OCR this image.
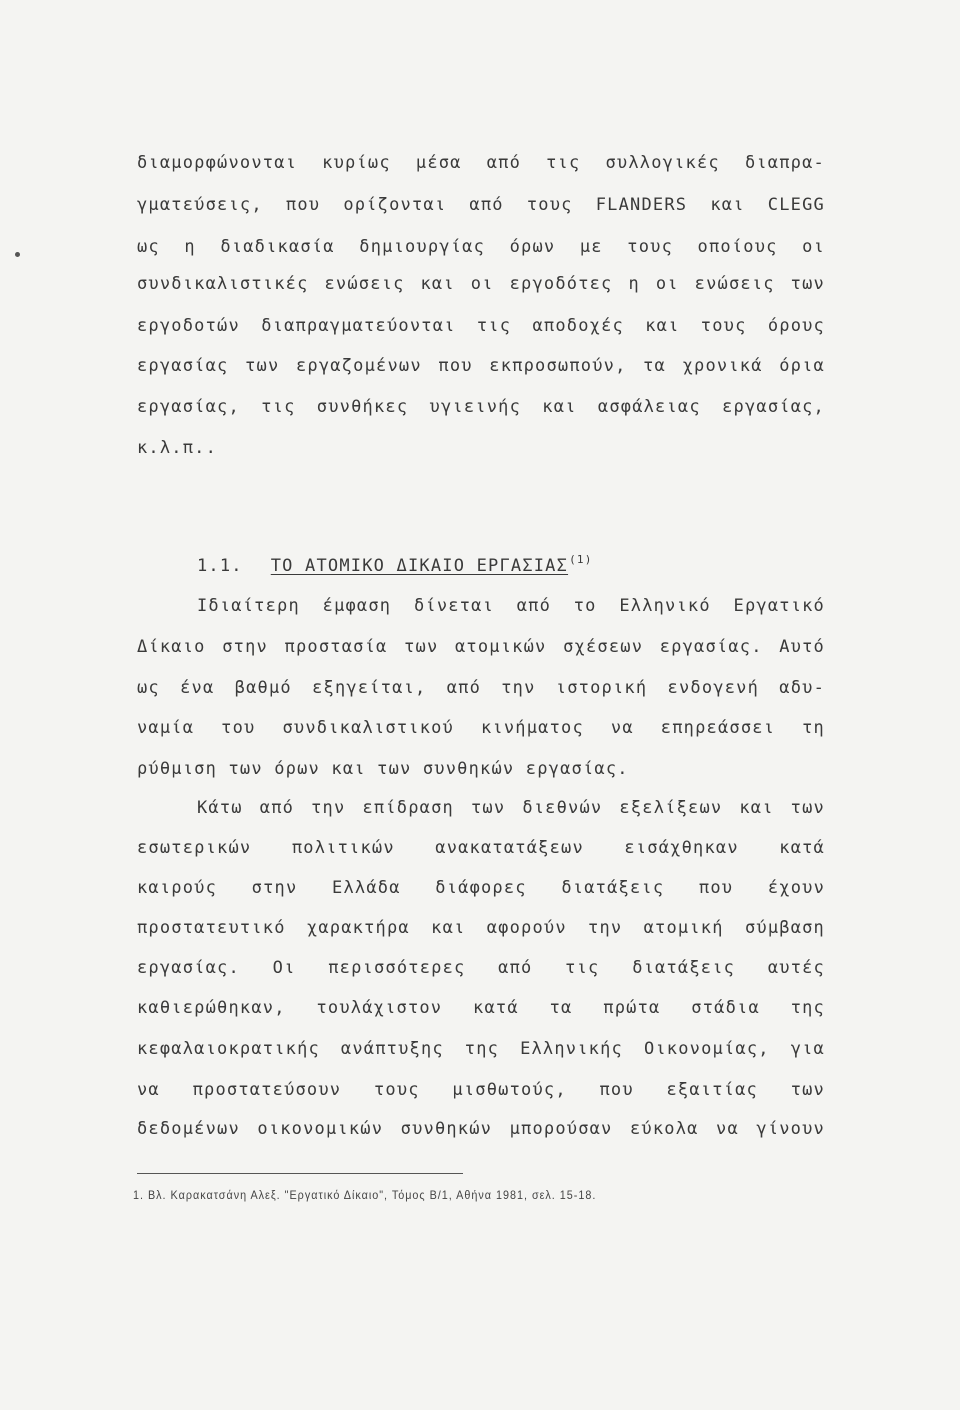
διαμορφώνονται κυρίως μέσα από τις συλλογικές διαπρα-
γματεύσεις, που ορίζονται από τους FLANDERS και CLEGG
ως η διαδικασία δημιουργίας όρων με τους οποίους οι
συνδικαλιστικές ενώσεις και οι εργοδότες η οι ενώσεις των
εργοδοτών διαπραγματεύονται τις αποδοχές και τους όρους
εργασίας των εργαζομένων που εκπροσωπούν, τα χρονικά όρια
εργασίας, τις συνθήκες υγιεινής και ασφάλειας εργασίας,
κ.λ.π..
1.1. ΤΟ ΑΤΟΜΙΚΟ ΔΙΚΑΙΟ ΕΡΓΑΣΙΑΣ$^{(1)}$
Ιδιαίτερη έμφαση δίνεται από το Ελληνικό Εργατικό
Δίκαιο στην προστασία των ατομικών σχέσεων εργασίας. Αυτό
ως ένα βαθμό εξηγείται, από την ιστορική ενδογενή αδυ-
ναμία του συνδικαλιστικού κινήματος να επηρεάσσει τη
ρύθμιση των όρων και των συνθηκών εργασίας.
Κάτω από την επίδραση των διεθνών εξελίξεων και των
εσωτερικών πολιτικών ανακατατάξεων εισάχθηκαν κατά
καιρούς στην Ελλάδα διάφορες διατάξεις που έχουν
προστατευτικό χαρακτήρα και αφορούν την ατομική σύμβαση
εργασίας. Οι περισσότερες από τις διατάξεις αυτές
καθιερώθηκαν, τουλάχιστον κατά τα πρώτα στάδια της
κεφαλαιοκρατικής ανάπτυξης της Ελληνικής Οικονομίας, για
να προστατεύσουν τους μισθωτούς, που εξαιτίας των
δεδομένων οικονομικών συνθηκών μπορούσαν εύκολα να γίνουν
1. Βλ. Καρακατσάνη Αλεξ. "Εργατικό Δίκαιο", Τόμος Β/1, Αθήνα 1981, σελ. 15-18.
